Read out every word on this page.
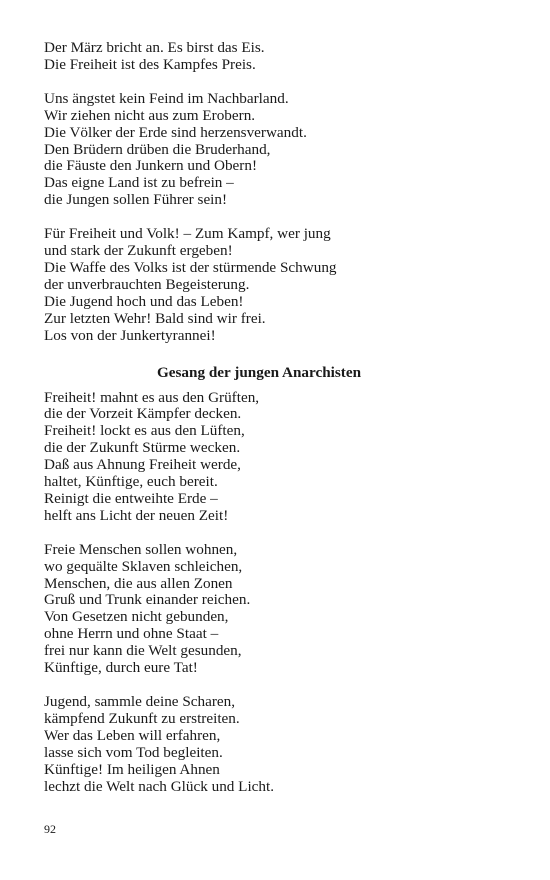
Der März bricht an. Es birst das Eis.
Die Freiheit ist des Kampfes Preis.
Uns ängstet kein Feind im Nachbarland.
Wir ziehen nicht aus zum Erobern.
Die Völker der Erde sind herzensverwandt.
Den Brüdern drüben die Bruderhand,
die Fäuste den Junkern und Obern!
Das eigne Land ist zu befrein –
die Jungen sollen Führer sein!
Für Freiheit und Volk! – Zum Kampf, wer jung
und stark der Zukunft ergeben!
Die Waffe des Volks ist der stürmende Schwung
der unverbrauchten Begeisterung.
Die Jugend hoch und das Leben!
Zur letzten Wehr! Bald sind wir frei.
Los von der Junkertyrannei!
Gesang der jungen Anarchisten
Freiheit! mahnt es aus den Grüften,
die der Vorzeit Kämpfer decken.
Freiheit! lockt es aus den Lüften,
die der Zukunft Stürme wecken.
Daß aus Ahnung Freiheit werde,
haltet, Künftige, euch bereit.
Reinigt die entweihte Erde –
helft ans Licht der neuen Zeit!
Freie Menschen sollen wohnen,
wo gequälte Sklaven schleichen,
Menschen, die aus allen Zonen
Gruß und Trunk einander reichen.
Von Gesetzen nicht gebunden,
ohne Herrn und ohne Staat –
frei nur kann die Welt gesunden,
Künftige, durch eure Tat!
Jugend, sammle deine Scharen,
kämpfend Zukunft zu erstreiten.
Wer das Leben will erfahren,
lasse sich vom Tod begleiten.
Künftige! Im heiligen Ahnen
lechzt die Welt nach Glück und Licht.
92
